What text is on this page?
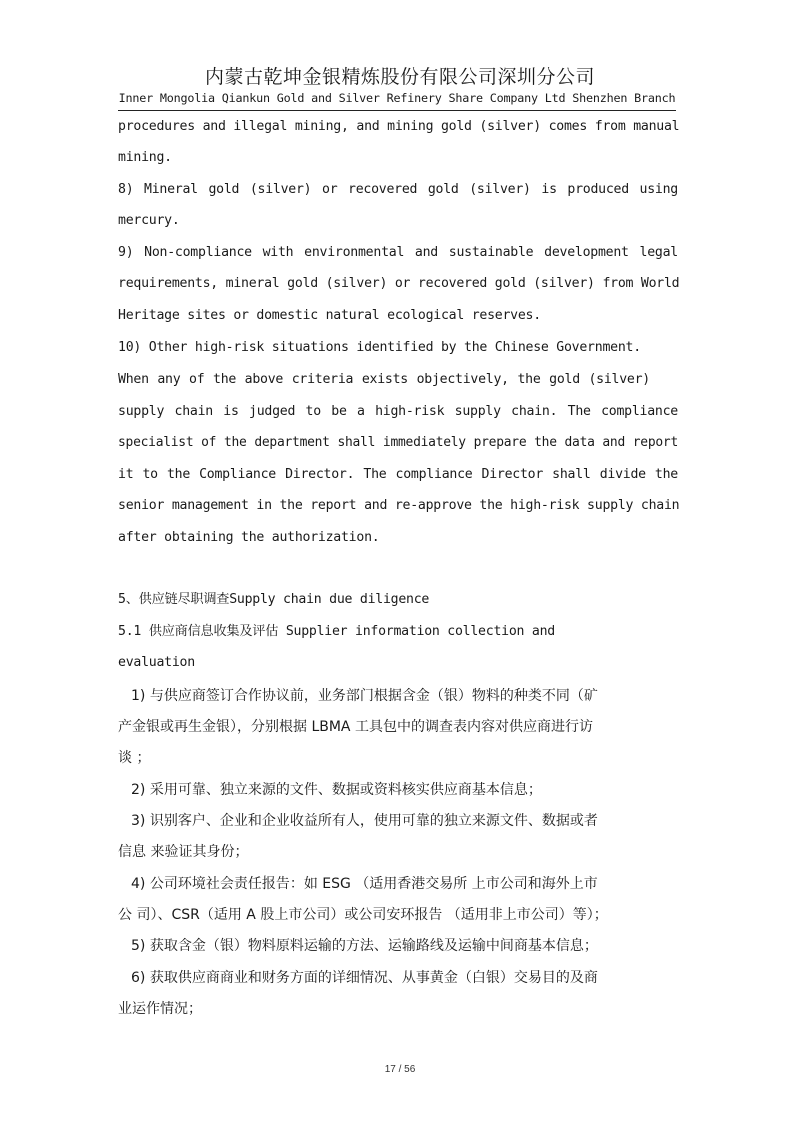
内蒙古乾坤金银精炼股份有限公司深圳分公司
Inner Mongolia Qiankun Gold and Silver Refinery Share Company Ltd Shenzhen Branch
procedures and illegal mining, and mining gold (silver) comes from manual
mining.
8) Mineral gold (silver) or recovered gold (silver) is produced using
mercury.
9) Non-compliance with environmental and sustainable development legal
requirements, mineral gold (silver) or recovered gold (silver) from World
Heritage sites or domestic natural ecological reserves.
10) Other high-risk situations identified by the Chinese Government.
When any of the above criteria exists objectively, the gold (silver)
supply chain is judged to be a high-risk supply chain. The compliance
specialist of the department shall immediately prepare the data and report
it to the Compliance Director. The compliance Director shall divide the
senior management in the report and re-approve the high-risk supply chain
after obtaining the authorization.
5、供应链尽职调查Supply chain due diligence
5.1 供应商信息收集及评估 Supplier information collection and
evaluation
1) 与供应商签订合作协议前，业务部门根据含金（银）物料的种类不同（矿
产金银或再生金银），分别根据 LBMA 工具包中的调查表内容对供应商进行访
谈 ；
2) 采用可靠、独立来源的文件、数据或资料核实供应商基本信息；
3) 识别客户、企业和企业收益所有人，使用可靠的独立来源文件、数据或者
信息 来验证其身份；
4) 公司环境社会责任报告：如 ESG （适用香港交易所 上市公司和海外上市
公 司）、CSR（适用 A 股上市公司）或公司安环报告 （适用非上市公司）等）；
5) 获取含金（银）物料原料运输的方法、运输路线及运输中间商基本信息；
6) 获取供应商商业和财务方面的详细情况、从事黄金（白银）交易目的及商
业运作情况；
17 / 56
